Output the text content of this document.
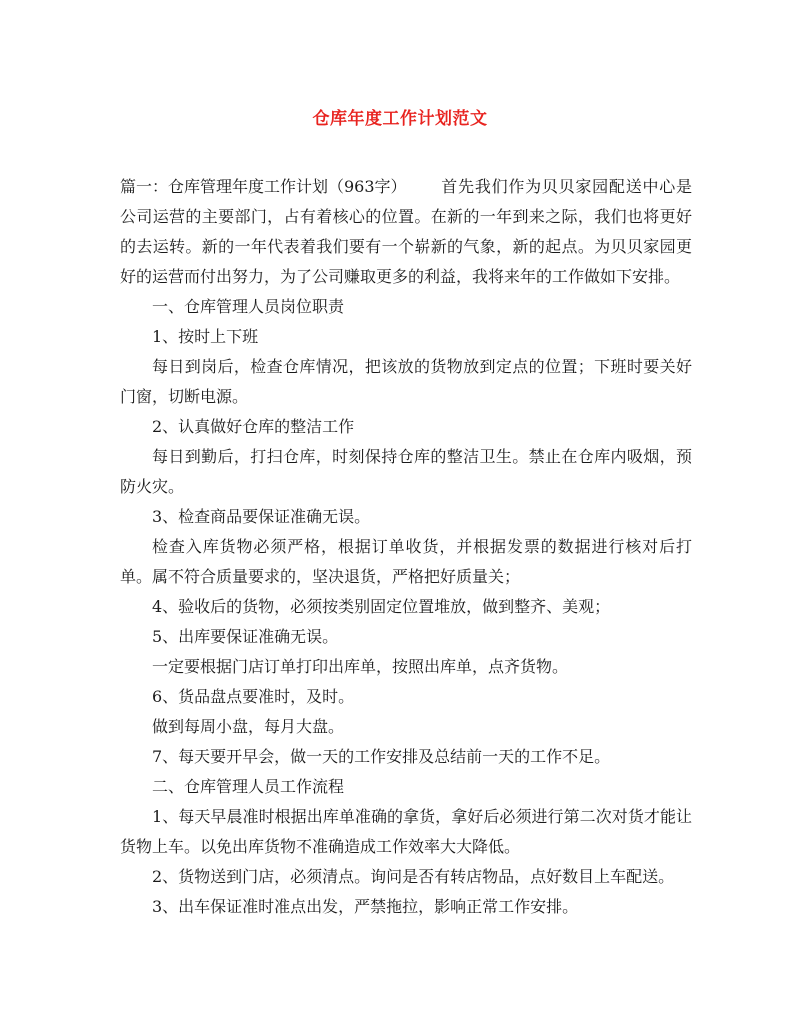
仓库年度工作计划范文
篇一：仓库管理年度工作计划（963字） 首先我们作为贝贝家园配送中心是公司运营的主要部门，占有着核心的位置。在新的一年到来之际，我们也将更好的去运转。新的一年代表着我们要有一个崭新的气象，新的起点。为贝贝家园更好的运营而付出努力，为了公司赚取更多的利益，我将来年的工作做如下安排。
一、仓库管理人员岗位职责
1、按时上下班
每日到岗后，检查仓库情况，把该放的货物放到定点的位置；下班时要关好门窗，切断电源。
2、认真做好仓库的整洁工作
每日到勤后，打扫仓库，时刻保持仓库的整洁卫生。禁止在仓库内吸烟，预防火灾。
3、检查商品要保证准确无误。
检查入库货物必须严格，根据订单收货，并根据发票的数据进行核对后打单。属不符合质量要求的，坚决退货，严格把好质量关；
4、验收后的货物，必须按类别固定位置堆放，做到整齐、美观；
5、出库要保证准确无误。
一定要根据门店订单打印出库单，按照出库单，点齐货物。
6、货品盘点要准时，及时。
做到每周小盘，每月大盘。
7、每天要开早会，做一天的工作安排及总结前一天的工作不足。
二、仓库管理人员工作流程
1、每天早晨准时根据出库单准确的拿货，拿好后必须进行第二次对货才能让货物上车。以免出库货物不准确造成工作效率大大降低。
2、货物送到门店，必须清点。询问是否有转店物品，点好数目上车配送。
3、出车保证准时准点出发，严禁拖拉，影响正常工作安排。
